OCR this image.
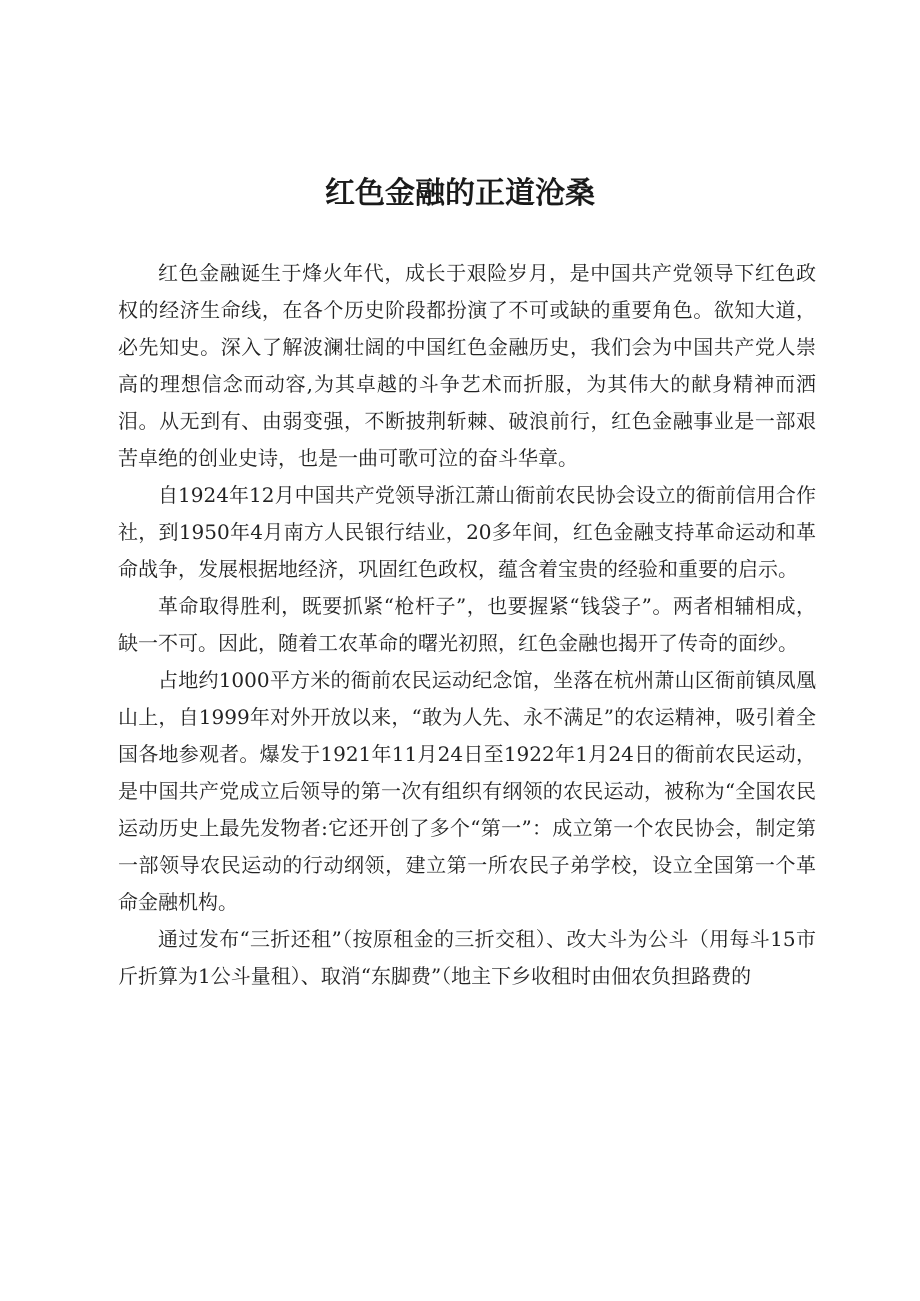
红色金融的正道沧桑

红色金融诞生于烽火年代，成长于艰险岁月，是中国共产党领导下红色政权的经济生命线，在各个历史阶段都扮演了不可或缺的重要角色。欲知大道，必先知史。深入了解波澜壮阔的中国红色金融历史，我们会为中国共产党人崇高的理想信念而动容,为其卓越的斗争艺术而折服，为其伟大的献身精神而洒泪。从无到有、由弱变强，不断披荆斩棘、破浪前行，红色金融事业是一部艰苦卓绝的创业史诗，也是一曲可歌可泣的奋斗华章。

自1924年12月中国共产党领导浙江萧山衙前农民协会设立的衙前信用合作社，到1950年4月南方人民银行结业，20多年间，红色金融支持革命运动和革命战争，发展根据地经济，巩固红色政权，蕴含着宝贵的经验和重要的启示。

革命取得胜利，既要抓紧“枪杆子”，也要握紧“钱袋子”。两者相辅相成，缺一不可。因此，随着工农革命的曙光初照，红色金融也揭开了传奇的面纱。

占地约1000平方米的衙前农民运动纪念馆，坐落在杭州萧山区衙前镇凤凰山上，自1999年对外开放以来，“敢为人先、永不满足”的农运精神，吸引着全国各地参观者。爆发于1921年11月24日至1922年1月24日的衙前农民运动，是中国共产党成立后领导的第一次有组织有纲领的农民运动，被称为“全国农民运动历史上最先发物者:它还开创了多个“第一”：成立第一个农民协会，制定第一部领导农民运动的行动纲领，建立第一所农民子弟学校，设立全国第一个革命金融机构。

通过发布“三折还租”（按原租金的三折交租）、改大斗为公斗（用每斗15市斤折算为1公斗量租）、取消“东脚费”（地主下乡收租时由佃农负担路费的
